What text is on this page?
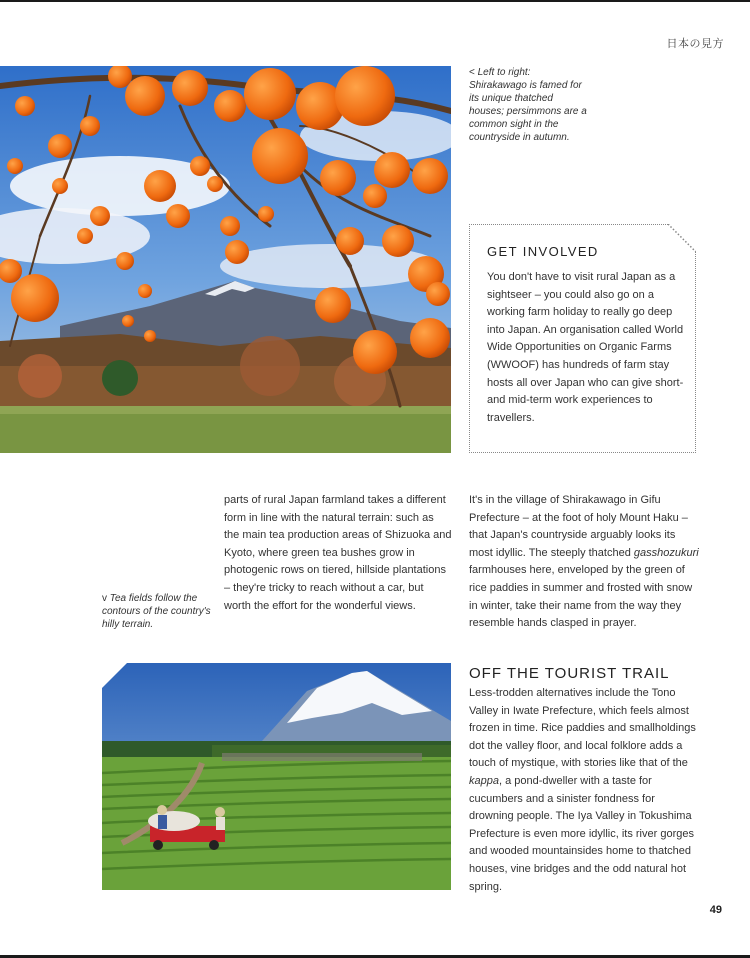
日本の見方
< Left to right: Shirakawago is famed for its unique thatched houses; persimmons are a common sight in the countryside in autumn.
GET INVOLVED
You don't have to visit rural Japan as a sightseer – you could also go on a working farm holiday to really go deep into Japan. An organisation called World Wide Opportunities on Organic Farms (WWOOF) has hundreds of farm stay hosts all over Japan who can give short- and mid-term work experiences to travellers.
v Tea fields follow the contours of the country's hilly terrain.
parts of rural Japan farmland takes a different form in line with the natural terrain: such as the main tea production areas of Shizuoka and Kyoto, where green tea bushes grow in photogenic rows on tiered, hillside plantations – they're tricky to reach without a car, but worth the effort for the wonderful views.
It's in the village of Shirakawago in Gifu Prefecture – at the foot of holy Mount Haku – that Japan's countryside arguably looks its most idyllic. The steeply thatched gasshozukuri farmhouses here, enveloped by the green of rice paddies in summer and frosted with snow in winter, take their name from the way they resemble hands clasped in prayer.
OFF THE TOURIST TRAIL
Less-trodden alternatives include the Tono Valley in Iwate Prefecture, which feels almost frozen in time. Rice paddies and smallholdings dot the valley floor, and local folklore adds a touch of mystique, with stories like that of the kappa, a pond-dweller with a taste for cucumbers and a sinister fondness for drowning people. The Iya Valley in Tokushima Prefecture is even more idyllic, its river gorges and wooded mountainsides home to thatched houses, vine bridges and the odd natural hot spring.
49
